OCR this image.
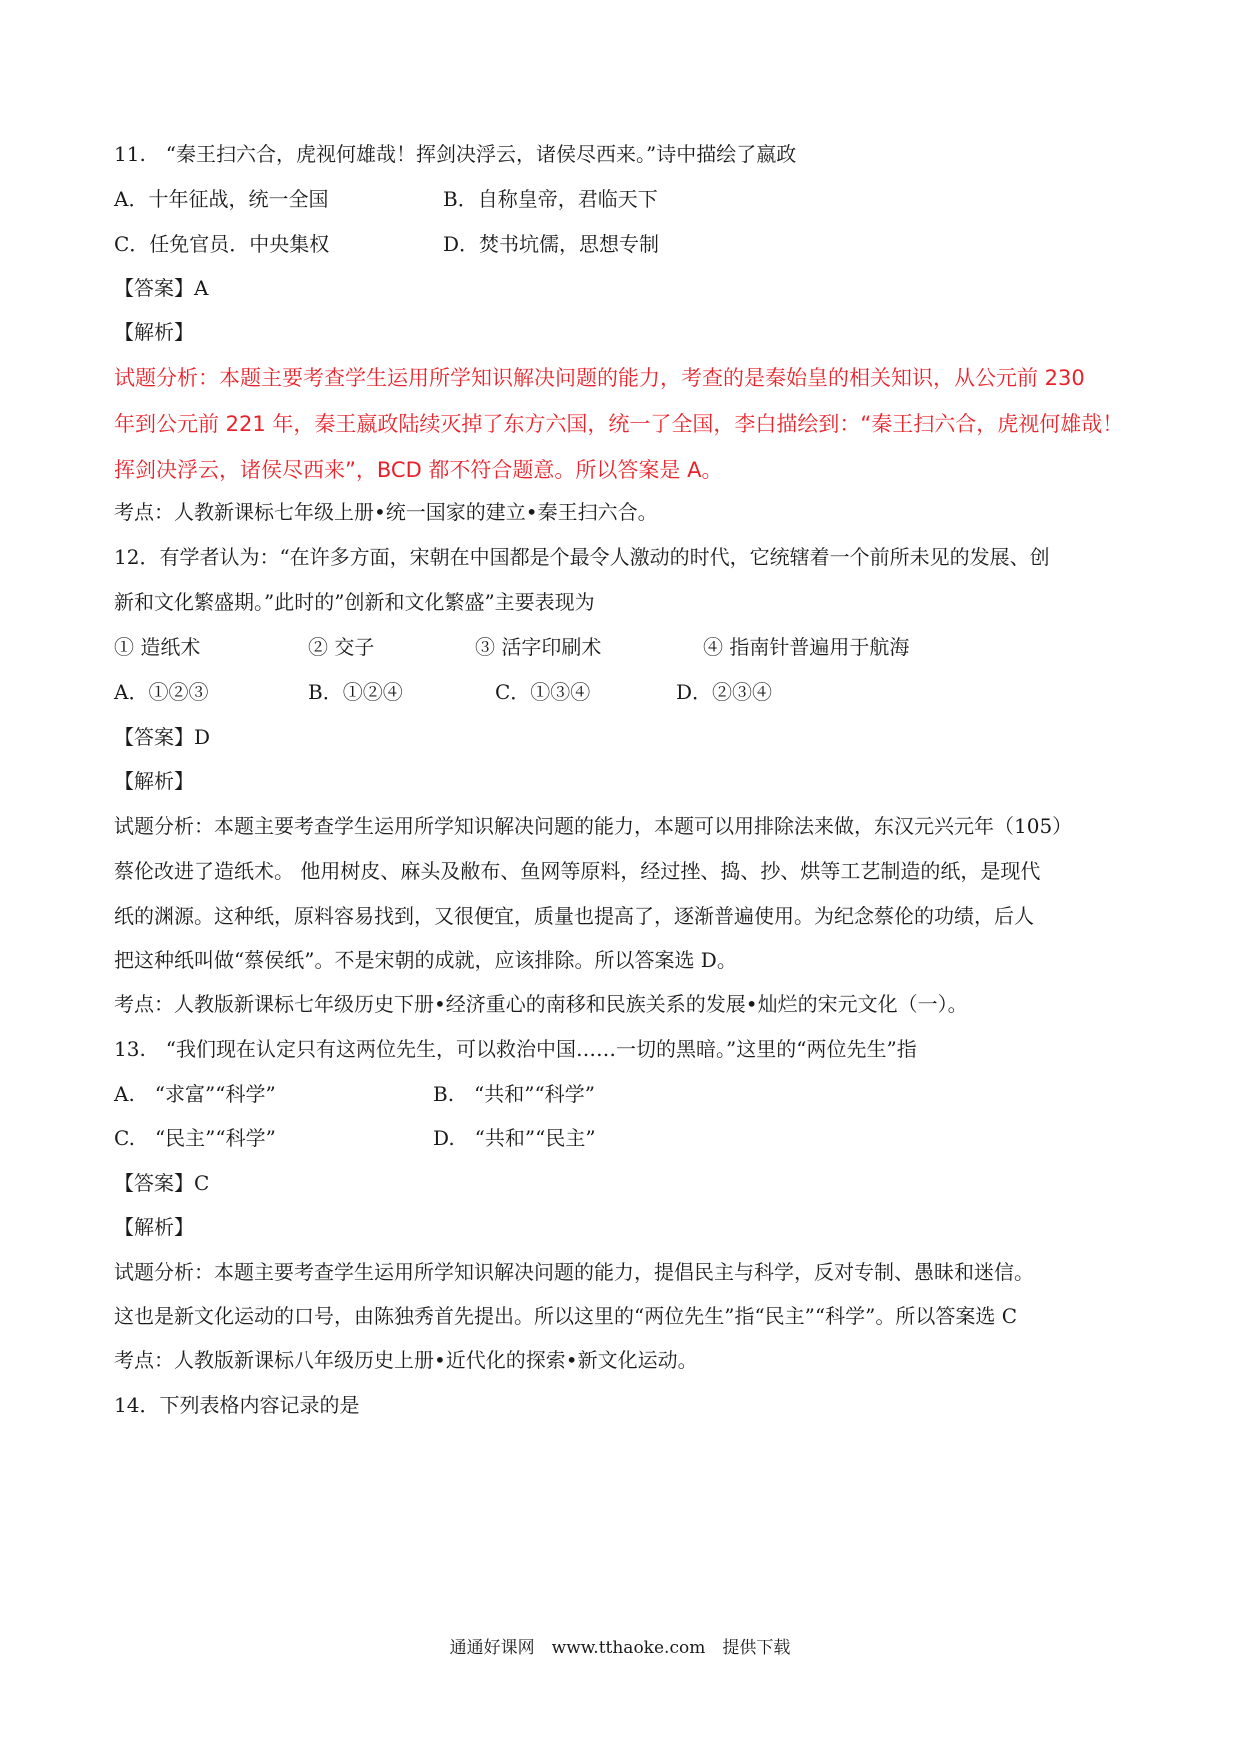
11.　“秦王扫六合，虎视何雄哉！挥剑决浮云，诸侯尽西来。”诗中描绘了嬴政
A．十年征战，统一全国	B．自称皇帝，君临天下
C．任免官员．中央集权	D．焚书坑儒，思想专制
【答案】A
【解析】
试题分析：本题主要考查学生运用所学知识解决问题的能力，考查的是秦始皇的相关知识，从公元前 230
年到公元前 221 年，秦王嬴政陆续灭掉了东方六国，统一了全国，李白描绘到：“秦王扫六合，虎视何雄哉！
挥剑决浮云，诸侯尽西来”，BCD 都不符合题意。所以答案是 A。
考点：人教新课标七年级上册•统一国家的建立•秦王扫六合。
12．有学者认为：“在许多方面，宋朝在中国都是个最令人激动的时代，它统辖着一个前所未见的发展、创
新和文化繁盛期。”此时的”创新和文化繁盛”主要表现为
① 造纸术	② 交子	③ 活字印刷术	④ 指南针普遍用于航海
A．①②③	B．①②④	C．①③④	D．②③④
【答案】D
【解析】
试题分析：本题主要考查学生运用所学知识解决问题的能力，本题可以用排除法来做，东汉元兴元年（105）
蔡伦改进了造纸术。 他用树皮、麻头及敝布、鱼网等原料，经过挫、捣、抄、烘等工艺制造的纸，是现代
纸的渊源。这种纸，原料容易找到，又很便宜，质量也提高了，逐渐普遍使用。为纪念蔡伦的功绩，后人
把这种纸叫做“蔡侯纸”。不是宋朝的成就，应该排除。所以答案选 D。
考点：人教版新课标七年级历史下册•经济重心的南移和民族关系的发展•灿烂的宋元文化（一）。
13.　“我们现在认定只有这两位先生，可以救治中国……一切的黑暗。”这里的“两位先生”指
A.　“求富”“科学”	B.　“共和”“科学”
C.　“民主”“科学”	D.　“共和”“民主”
【答案】C
【解析】
试题分析：本题主要考查学生运用所学知识解决问题的能力，提倡民主与科学，反对专制、愚昧和迷信。
这也是新文化运动的口号，由陈独秀首先提出。所以这里的“两位先生”指“民主”“科学”。所以答案选 C
考点：人教版新课标八年级历史上册•近代化的探索•新文化运动。
14．下列表格内容记录的是
通通好课网　www.tthaoke.com　提供下载
